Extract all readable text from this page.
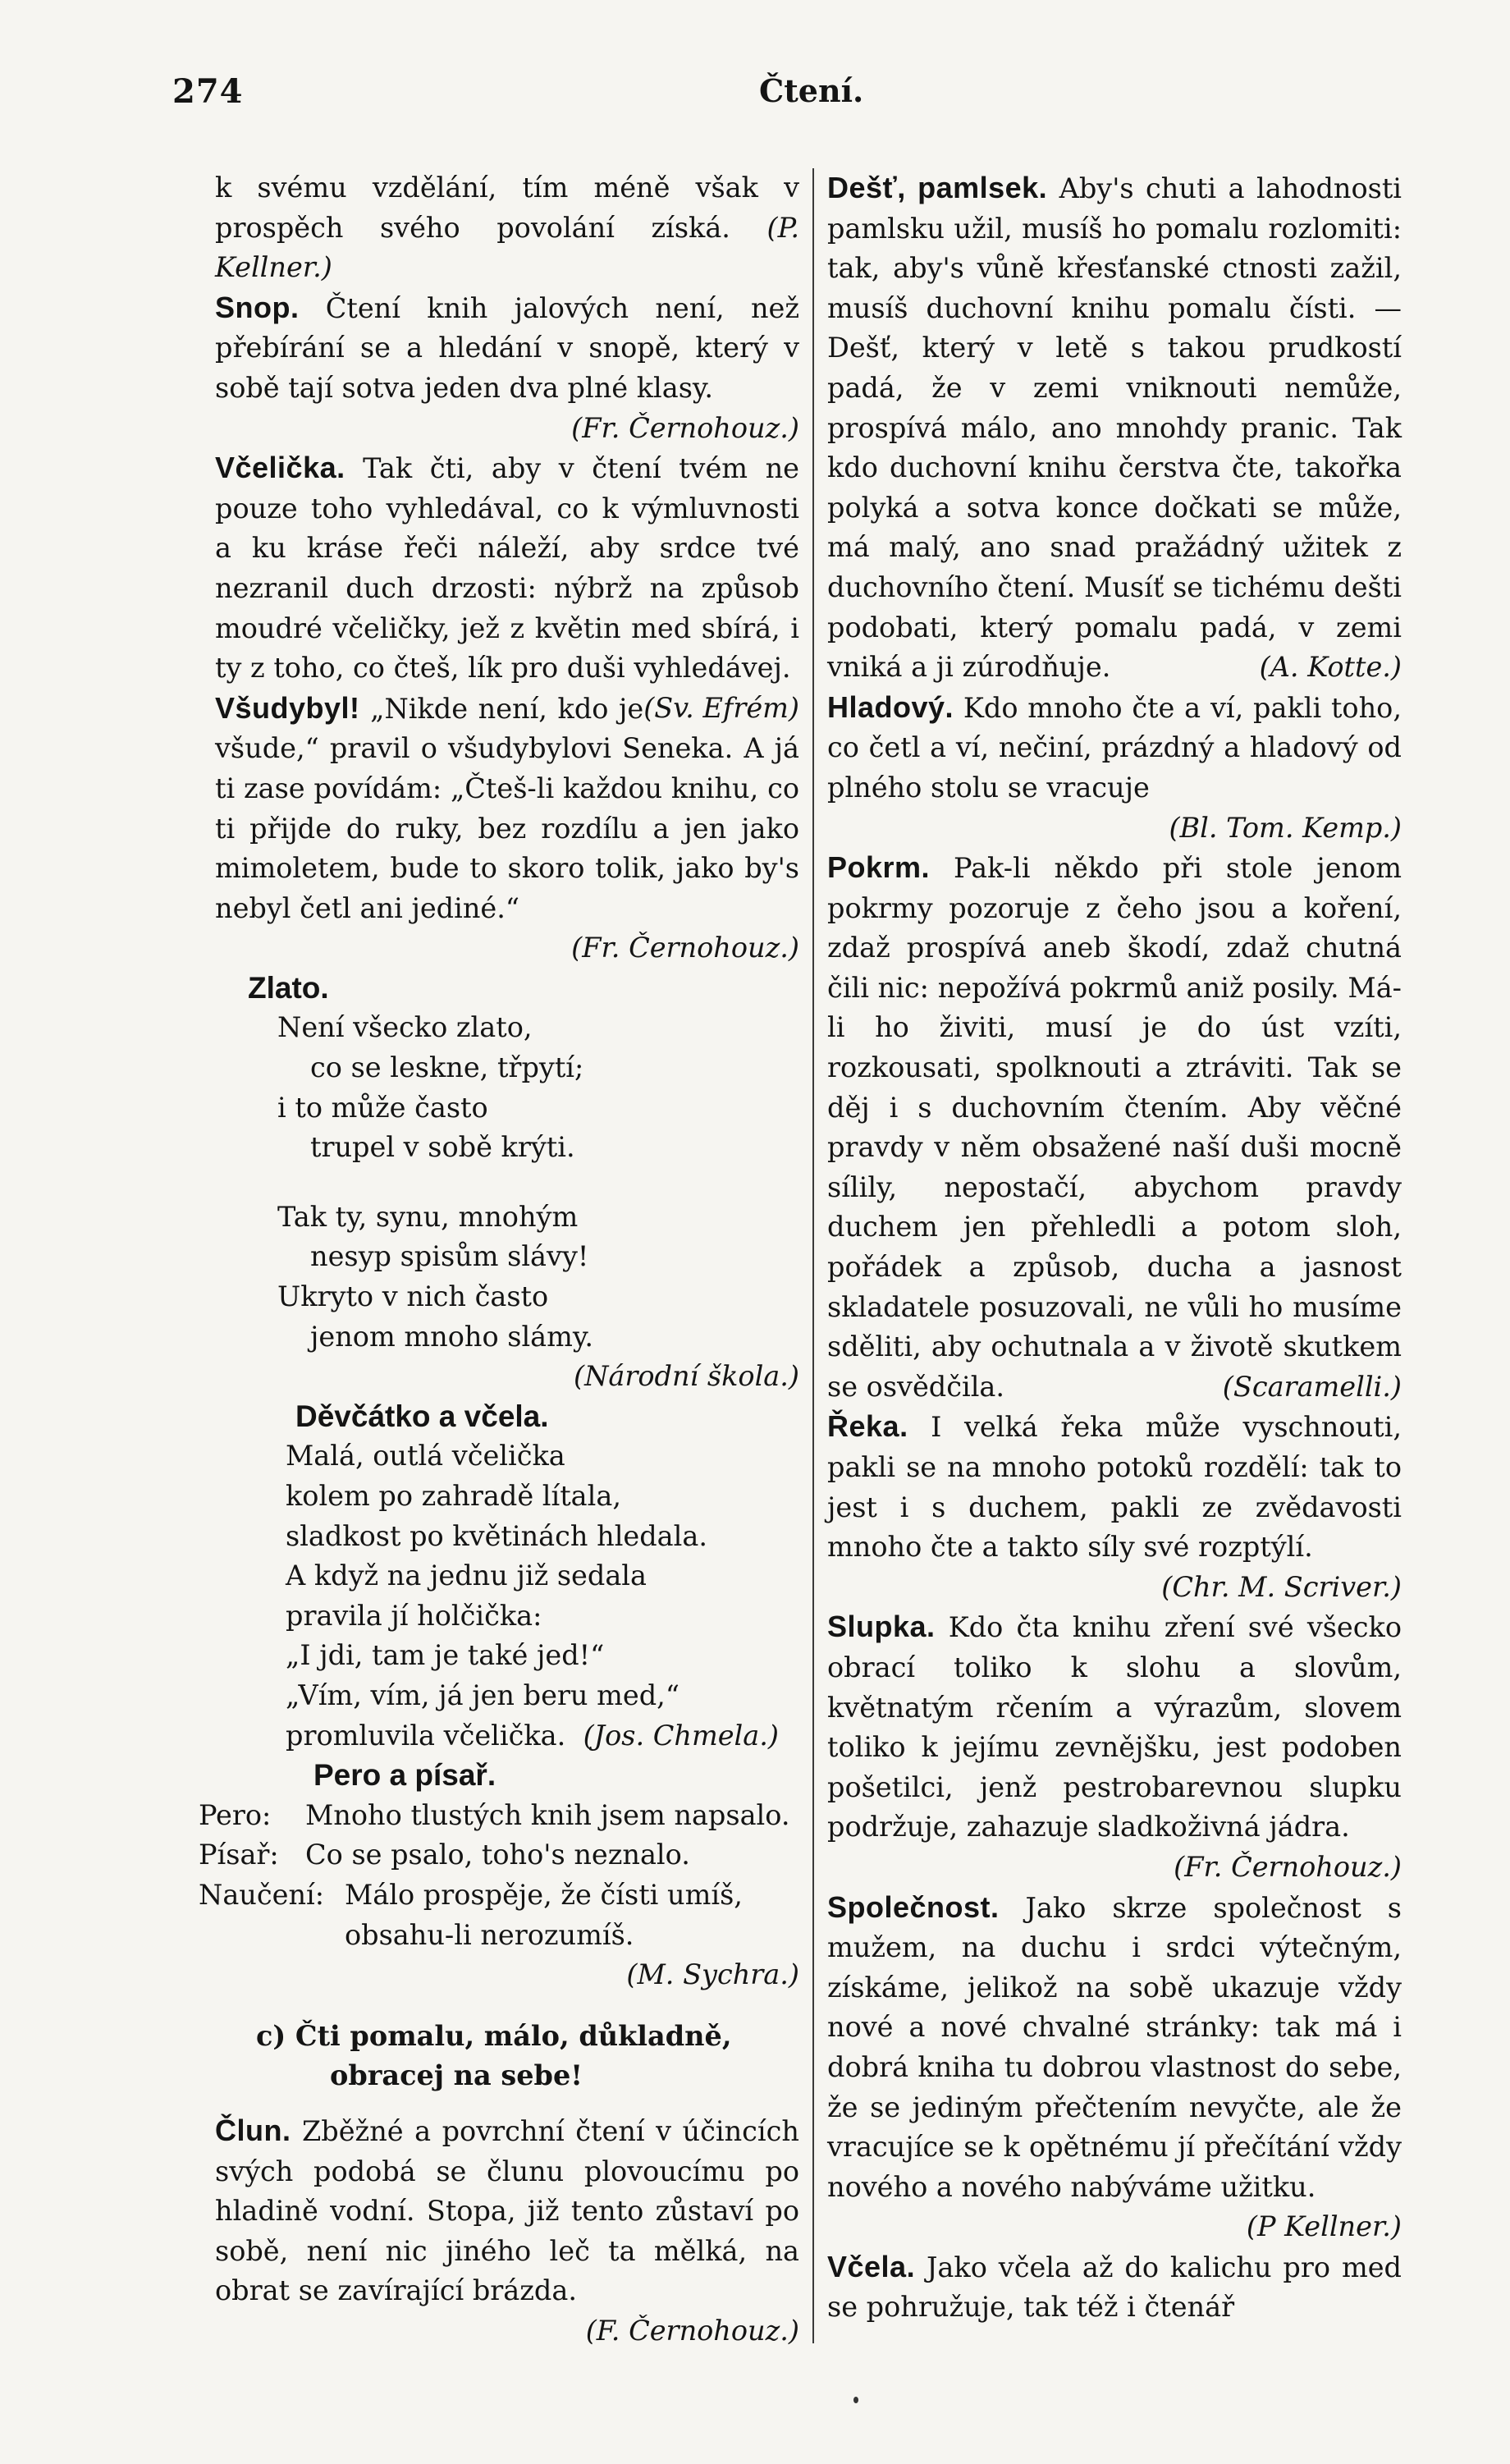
274	Čtení.

k svému vzdělání, tím méně však v prospěch svého povolání získá. (P. Kellner.)

Snop. Čtení knih jalových není, než přebírání se a hledání v snopě, který v sobě tají sotva jeden dva plné klasy.

(Fr. Černohouz.)

Včelička. Tak čti, aby v čtení tvém ne pouze toho vyhledával, co k výmluvnosti a ku kráse řeči náleží, aby srdce tvé nezranil duch drzosti: nýbrž na způsob moudré včeličky, jež z květin med sbírá, i ty z toho, co čteš, lík pro duši vyhledávej.
(Sv. Efrém)

Všudybyl! „Nikde není, kdo je všude,“ pravil o všudybylovi Seneka. A já ti zase povídám: „Čteš-li každou knihu, co ti přijde do ruky, bez rozdílu a jen jako mimoletem, bude to skoro tolik, jako by's nebyl četl ani jediné.“

(Fr. Černohouz.)

Zlato.

Není všecko zlato,
co se leskne, třpytí;
i to může často
trupel v sobě krýti.
Tak ty, synu, mnohým
nesyp spisům slávy!
Ukryto v nich často
jenom mnoho slámy.

(Národní škola.)

Děvčátko a včela.

Malá, outlá včelička
kolem po zahradě lítala,
sladkost po květinách hledala.
A když na jednu již sedala
pravila jí holčička:
„I jdi, tam je také jed!“
„Vím, vím, já jen beru med,“
promluvila včelička. (Jos. Chmela.)

Pero a písař.

Pero:	Mnoho tlustých knih jsem napsalo.
Písař: Co se psalo, toho's neznalo.
Naučení: Málo prospěje, že čísti umíš, obsahu-li nerozumíš.

(M. Sychra.)

c) Čti pomalu, málo, důkladně,
obracej na sebe!

Člun. Zběžné a povrchní čtení v účincích svých podobá se člunu plovoucímu po hladině vodní. Stopa, již tento zůstaví po sobě, není nic jiného leč ta mělká, na obrat se zavírající brázda.

(F. Černohouz.)

Dešť, pamlsek. Aby's chuti a lahodnosti pamlsku užil, musíš ho pomalu rozlomiti: tak, aby's vůně křesťanské ctnosti zažil, musíš duchovní knihu pomalu čísti. — Dešť, který v letě s takou prudkostí padá, že v zemi vniknouti nemůže, prospívá málo, ano mnohdy pranic. Tak kdo duchovní knihu čerstva čte, takořka polyká a sotva konce dočkati se může, má malý, ano snad pražádný užitek z duchovního čtení. Musíť se tichému dešti podobati, který pomalu padá, v zemi vniká a ji zúrodňuje.	(A. Kotte.)

Hladový. Kdo mnoho čte a ví, pakli toho, co četl a ví, nečiní, prázdný a hladový od plného stolu se vracuje

(Bl. Tom. Kemp.)

Pokrm. Pak-li někdo při stole jenom pokrmy pozoruje z čeho jsou a koření, zdaž prospívá aneb škodí, zdaž chutná čili nic: nepožívá pokrmů aniž posily. Má-li ho živiti, musí je do úst vzíti, rozkousati, spolknouti a ztráviti. Tak se děj i s duchovním čtením. Aby věčné pravdy v něm obsažené naší duši mocně sílily, nepostačí, abychom pravdy duchem jen přehledli a potom sloh, pořádek a způsob, ducha a jasnost skladatele posuzovali, ne vůli ho musíme sděliti, aby ochutnala a v životě skutkem se osvědčila.	(Scaramelli.)

Řeka. I velká řeka může vyschnouti, pakli se na mnoho potoků rozdělí: tak to jest i s duchem, pakli ze zvědavosti mnoho čte a takto síly své rozptýlí.

(Chr. M. Scriver.)

Slupka. Kdo čta knihu zření své všecko obrací toliko k slohu a slovům, květnatým rčením a výrazům, slovem toliko k jejímu zevnějšku, jest podoben pošetilci, jenž pestrobarevnou slupku podržuje, zahazuje sladkoživná jádra.

(Fr. Černohouz.)

Společnost. Jako skrze společnost s mužem, na duchu i srdci výtečným, získáme, jelikož na sobě ukazuje vždy nové a nové chvalné stránky: tak má i dobrá kniha tu dobrou vlastnost do sebe, že se jediným přečtením nevyčte, ale že vracujíce se k opětnému jí přečítání vždy nového a nového nabýváme užitku.
(P Kellner.)

Včela. Jako včela až do kalichu pro med se pohružuje, tak též i čtenář
